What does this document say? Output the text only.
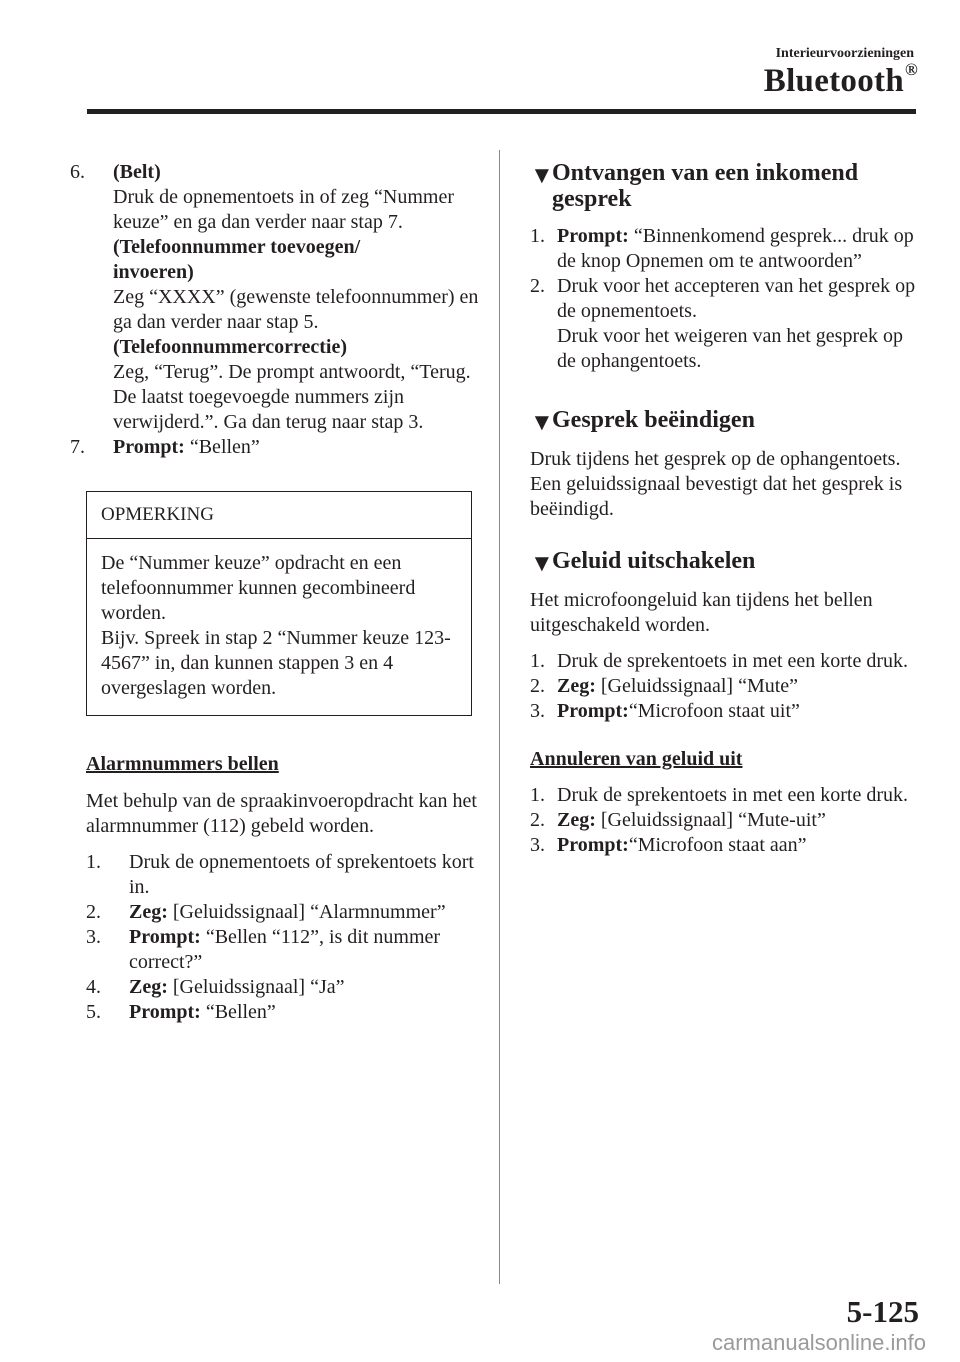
Interieurvoorzieningen
Bluetooth®
6. (Belt)
Druk de opnementoets in of zeg “Nummer keuze” en ga dan verder naar stap 7.
(Telefoonnummer toevoegen/ invoeren)
Zeg “XXXX” (gewenste telefoonnummer) en ga dan verder naar stap 5.
(Telefoonnummercorrectie)
Zeg, “Terug”. De prompt antwoordt, “Terug. De laatst toegevoegde nummers zijn verwijderd.”. Ga dan terug naar stap 3.
7. Prompt: “Bellen”
OPMERKING
De “Nummer keuze” opdracht en een telefoonnummer kunnen gecombineerd worden.
Bijv. Spreek in stap 2 “Nummer keuze 123-4567” in, dan kunnen stappen 3 en 4 overgeslagen worden.
Alarmnummers bellen
Met behulp van de spraakinvoeropdracht kan het alarmnummer (112) gebeld worden.
1. Druk de opnementoets of sprekentoets kort in.
2. Zeg: [Geluidssignaal] “Alarmnummer”
3. Prompt: “Bellen “112”, is dit nummer correct?”
4. Zeg: [Geluidssignaal] “Ja”
5. Prompt: “Bellen”
▼
Ontvangen van een inkomend gesprek
1. Prompt: “Binnenkomend gesprek... druk op de knop Opnemen om te antwoorden”
2. Druk voor het accepteren van het gesprek op de opnementoets.
Druk voor het weigeren van het gesprek op de ophangentoets.
▼
Gesprek beëindigen
Druk tijdens het gesprek op de ophangentoets. Een geluidssignaal bevestigt dat het gesprek is beëindigd.
▼
Geluid uitschakelen
Het microfoongeluid kan tijdens het bellen uitgeschakeld worden.
1. Druk de sprekentoets in met een korte druk.
2. Zeg: [Geluidssignaal] “Mute”
3. Prompt:“Microfoon staat uit”
Annuleren van geluid uit
1. Druk de sprekentoets in met een korte druk.
2. Zeg: [Geluidssignaal] “Mute-uit”
3. Prompt:“Microfoon staat aan”
5-125
carmanualsonline.info
